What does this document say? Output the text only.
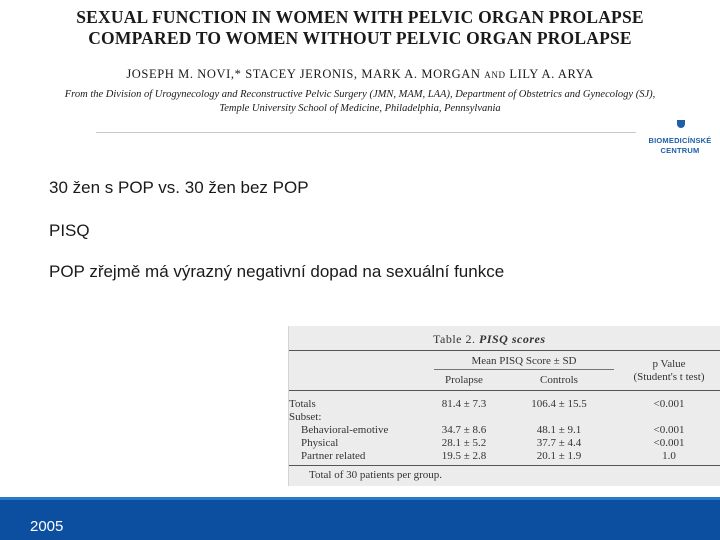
SEXUAL FUNCTION IN WOMEN WITH PELVIC ORGAN PROLAPSE
COMPARED TO WOMEN WITHOUT PELVIC ORGAN PROLAPSE
JOSEPH M. NOVI,* STACEY JERONIS, MARK A. MORGAN AND LILY A. ARYA
From the Division of Urogynecology and Reconstructive Pelvic Surgery (JMN, MAM, LAA), Department of Obstetrics and Gynecology (SJ),
Temple University School of Medicine, Philadelphia, Pennsylvania
BIOMEDICÍNSKÉ
CENTRUM
30 žen s POP vs. 30 žen bez POP
PISQ
POP zřejmě má výrazný negativní dopad na sexuální funkce
Table 2. PISQ scores
Mean PISQ Score ± SD	p Value
(Student's t test)
Prolapse	Controls
Totals	81.4 ± 7.3	106.4 ± 15.5	<0.001
Subset:
Behavioral-emotive	34.7 ± 8.6	48.1 ± 9.1	<0.001
Physical	28.1 ± 5.2	37.7 ± 4.4	<0.001
Partner related	19.5 ± 2.8	20.1 ± 1.9	1.0
Total of 30 patients per group.
2005
